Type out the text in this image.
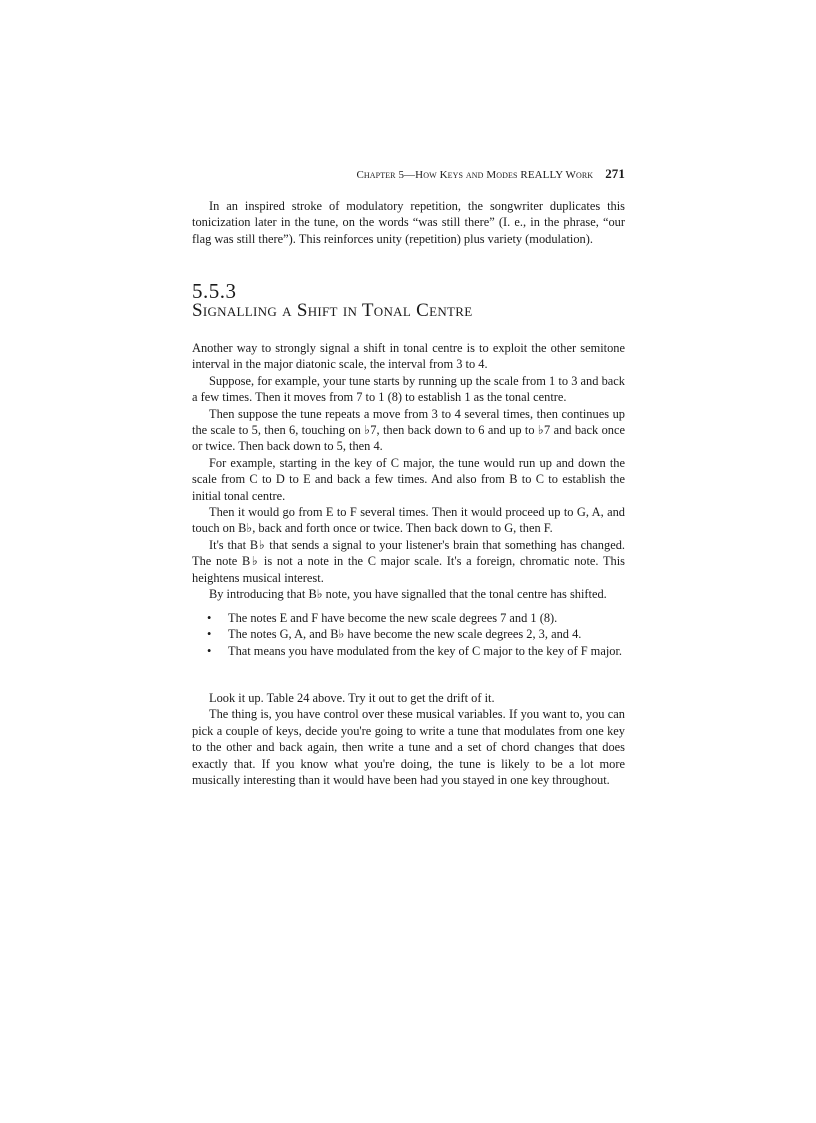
Chapter 5—How Keys and Modes REALLY Work 271

In an inspired stroke of modulatory repetition, the songwriter duplicates this tonicization later in the tune, on the words “was still there” (I. e., in the phrase, “our flag was still there”). This reinforces unity (repetition) plus variety (modulation).

5.5.3
Signalling a Shift in Tonal Centre

Another way to strongly signal a shift in tonal centre is to exploit the other semitone interval in the major diatonic scale, the interval from 3 to 4.

Suppose, for example, your tune starts by running up the scale from 1 to 3 and back a few times. Then it moves from 7 to 1 (8) to establish 1 as the tonal centre.

Then suppose the tune repeats a move from 3 to 4 several times, then continues up the scale to 5, then 6, touching on ♭7, then back down to 6 and up to ♭7 and back once or twice. Then back down to 5, then 4.

For example, starting in the key of C major, the tune would run up and down the scale from C to D to E and back a few times. And also from B to C to establish the initial tonal centre.

Then it would go from E to F several times. Then it would proceed up to G, A, and touch on B♭, back and forth once or twice. Then back down to G, then F.

It's that B♭ that sends a signal to your listener's brain that something has changed. The note B♭ is not a note in the C major scale. It's a foreign, chromatic note. This heightens musical interest.

By introducing that B♭ note, you have signalled that the tonal centre has shifted.

• The notes E and F have become the new scale degrees 7 and 1 (8).
• The notes G, A, and B♭ have become the new scale degrees 2, 3, and 4.
• That means you have modulated from the key of C major to the key of F major.

Look it up. Table 24 above. Try it out to get the drift of it.

The thing is, you have control over these musical variables. If you want to, you can pick a couple of keys, decide you're going to write a tune that modulates from one key to the other and back again, then write a tune and a set of chord changes that does exactly that. If you know what you're doing, the tune is likely to be a lot more musically interesting than it would have been had you stayed in one key throughout.
